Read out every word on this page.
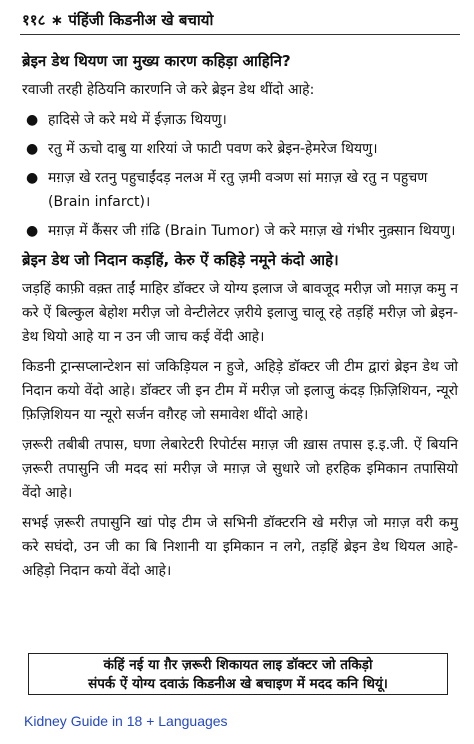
११८ ∗ पंहिंजी किडनीअ खे बचायो
ब्रेइन डेथ थियण जा मुख्य कारण कहिड़ा आहिनि?

रवाजी तरही हेठियनि कारणनि जे करे ब्रेइन डेथ थींदो आहे:

● हादिसे जे करे मथे में ईज़ाऊ थियणु।
● रतु में ऊचो दाबु या शरियां जे फाटी पवण करे ब्रेइन-हेमरेज थियणु।
● मग़ज़ खे रतनु पहुचाईंदड़ नलअ में रतु ज़मी वञण सां मग़ज़ खे रतु न पहुचण (Brain infarct)।
● मग़ज़ में कैंसर जी ग़ंढि (Brain Tumor) जे करे मग़ज़ खे गंभीर नुक़्सान थियणु।
ब्रेइन डेथ जो निदान कड़हिं, केरु ऐं कहिड़े नमूने कंदो आहे।

जड़हिं काफ़ी वक़्त ताईं माहिर डॉक्टर जे योग्य इलाज जे बावजूद मरीज़ जो मग़ज़ कमु न करे ऐं बिल्कुल बेहोश मरीज़ जो वेन्टीलेटर ज़रीये इलाजु चालू रहे तड़हिं मरीज़ जो ब्रेइन-डेथ थियो आहे या न उन जी जाच कई वेंदी आहे।

किडनी ट्रान्सप्लान्टेशन सां जकिड़ियल न हुजे, अहिड़े डॉक्टर जी टीम द्वारां ब्रेइन डेथ जो निदान कयो वेंदो आहे। डॉक्टर जी इन टीम में मरीज़ जो इलाजु कंदड़ फ़िज़िशियन, न्यूरो फ़िज़िशियन या न्यूरो सर्जन वग़ैरह जो समावेश थींदो आहे।

ज़रूरी तबीबी तपास, घणा लेबारेटरी रिपोर्टस मग़ज़ जी ख़ास तपास इ.इ.जी. ऐं बियनि ज़रूरी तपासुनि जी मदद सां मरीज़ जे मग़ज़ जे सुधारे जो हरहिक इमिकान तपासियो वेंदो आहे।

सभई ज़रूरी तपासुनि खां पोइ टीम जे सभिनी डॉक्टरनि खे मरीज़ जो मग़ज़ वरी कमु करे सघंदो, उन जी का बि निशानी या इमिकान न लगे, तड़हिं ब्रेइन डेथ थियल आहे- अहिड़ो निदान कयो वेंदो आहे।

कंहिं नई या ग़ैर ज़रूरी शिकायत लाइ डॉक्टर जो तकिड़ो
संपर्क ऐं योग्य दवाऊं किडनीअ खे बचाइण में मदद कनि थियूं।
Kidney Guide in 18 + Languages
